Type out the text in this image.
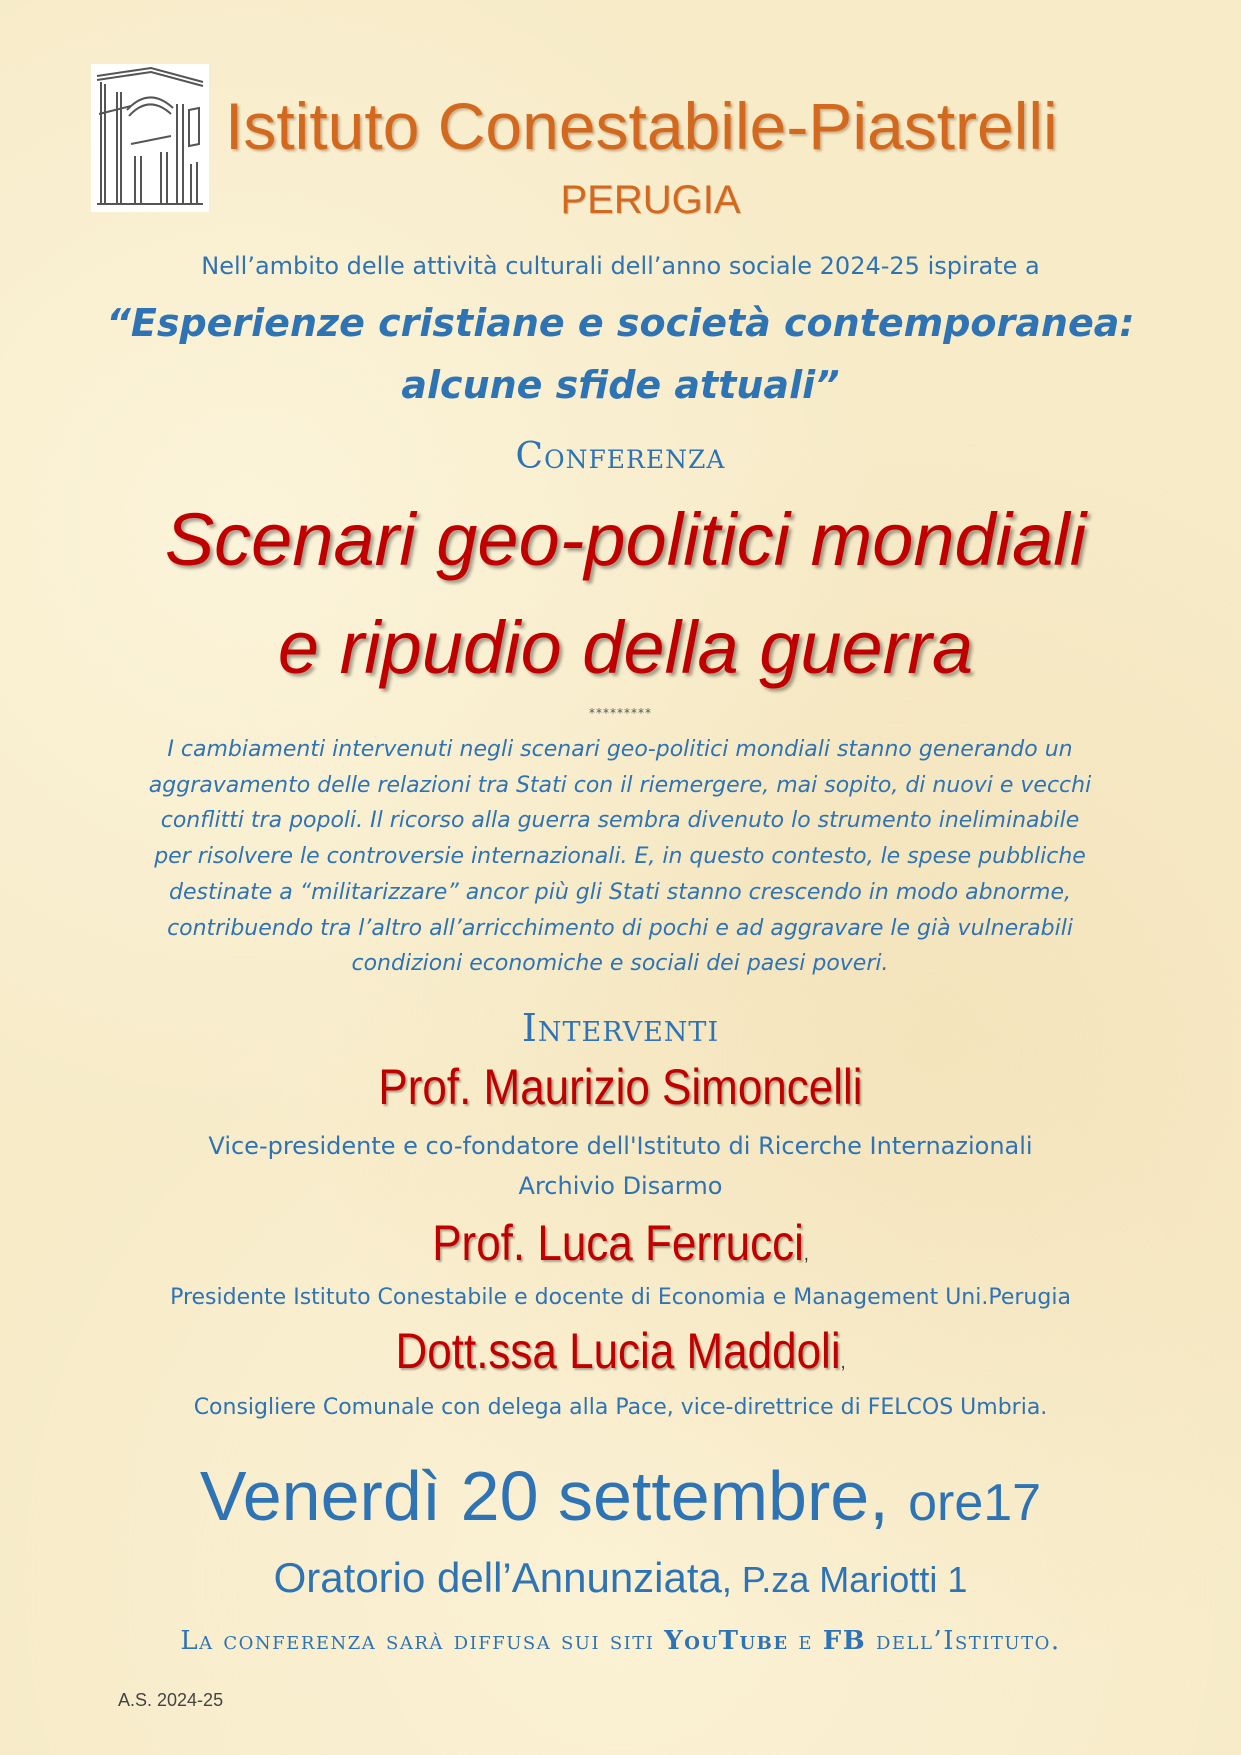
Istituto Conestabile-Piastrelli
PERUGIA
Nell’ambito delle attività culturali dell’anno sociale 2024-25 ispirate a
“Esperienze cristiane e società contemporanea:
alcune sfide attuali”
Conferenza
Scenari geo-politici mondiali
e ripudio della guerra
*********
I cambiamenti intervenuti negli scenari geo-politici mondiali stanno generando un
aggravamento delle relazioni tra Stati con il riemergere, mai sopito, di nuovi e vecchi
conflitti tra popoli. Il ricorso alla guerra sembra divenuto lo strumento ineliminabile
per risolvere le controversie internazionali. E, in questo contesto, le spese pubbliche
destinate a “militarizzare” ancor più gli Stati stanno crescendo in modo abnorme,
contribuendo tra l’altro all’arricchimento di pochi e ad aggravare le già vulnerabili
condizioni economiche e sociali dei paesi poveri.
Interventi
Prof. Maurizio Simoncelli
Vice-presidente e co-fondatore dell'Istituto di Ricerche Internazionali
Archivio Disarmo
Prof. Luca Ferrucci,
Presidente Istituto Conestabile e docente di Economia e Management Uni.Perugia
Dott.ssa Lucia Maddoli,
Consigliere Comunale con delega alla Pace, vice-direttrice di FELCOS Umbria.
Venerdì 20 settembre, ore17
Oratorio dell’Annunziata, P.za Mariotti 1
La conferenza sarà diffusa sui siti YouTube e FB dell’Istituto.
A.S. 2024-25
